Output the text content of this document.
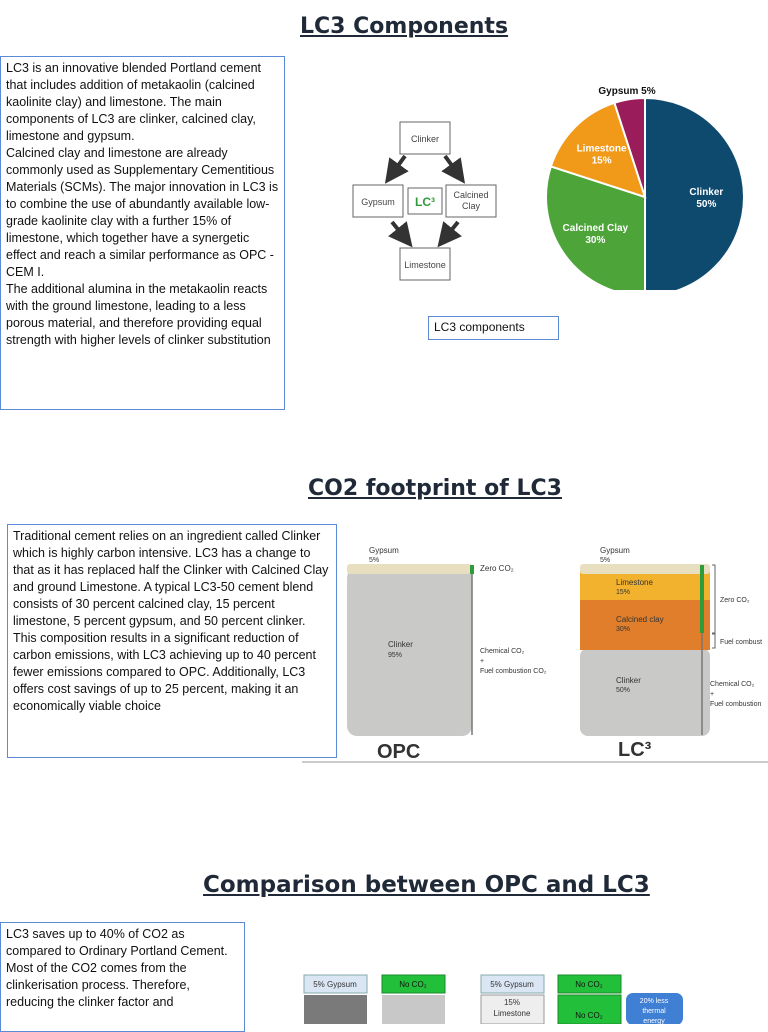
LC3 Components

LC3 is an innovative blended Portland cement that includes addition of metakaolin (calcined kaolinite clay) and limestone. The main components of LC3 are clinker, calcined clay, limestone and gypsum.

Calcined clay and limestone are already commonly used as Supplementary Cementitious Materials (SCMs). The major innovation in LC3 is to combine the use of abundantly available low-grade kaolinite clay with a further 15% of limestone, which together have a synergetic effect and reach a similar performance as OPC - CEM I.

The additional alumina in the metakaolin reacts with the ground limestone, leading to a less porous material, and therefore providing equal strength with higher levels of clinker substitution

Clinker
Gypsum
Calcined
Clay
Limestone
LC³
Clinker
50%
Calcined Clay
30%
Limestone
15%
Gypsum 5%
LC3 components
CO2 footprint of LC3

Traditional cement relies on an ingredient called Clinker which is highly carbon intensive. LC3 has a change to that as it has replaced half the Clinker with Calcined Clay and ground Limestone. A typical LC3-50 cement blend consists of 30 percent calcined clay, 15 percent limestone, 5 percent gypsum, and 50 percent clinker. This composition results in a significant reduction of carbon emissions, with LC3 achieving up to 40 percent fewer emissions compared to OPC. Additionally, LC3 offers cost savings of up to 25 percent, making it an economically viable choice

Gypsum
5%
Clinker
95%
Zero CO₂
Chemical CO₂
+
Fuel combustion CO₂
OPC
Gypsum
5%
Limestone
15%
Calcined clay
30%
Clinker
50%
Zero CO₂
Fuel combust
Chemical CO₂
+
Fuel combustion
LC³
Comparison between OPC and LC3

LC3 saves up to 40% of CO2 as compared to Ordinary Portland Cement.

Most of the CO2 comes from the clinkerisation process. Therefore, reducing the clinker factor and

5% Gypsum	No CO₂	5% Gypsum	No CO₂
15%
Limestone	No CO₂
20% less
thermal
energy
